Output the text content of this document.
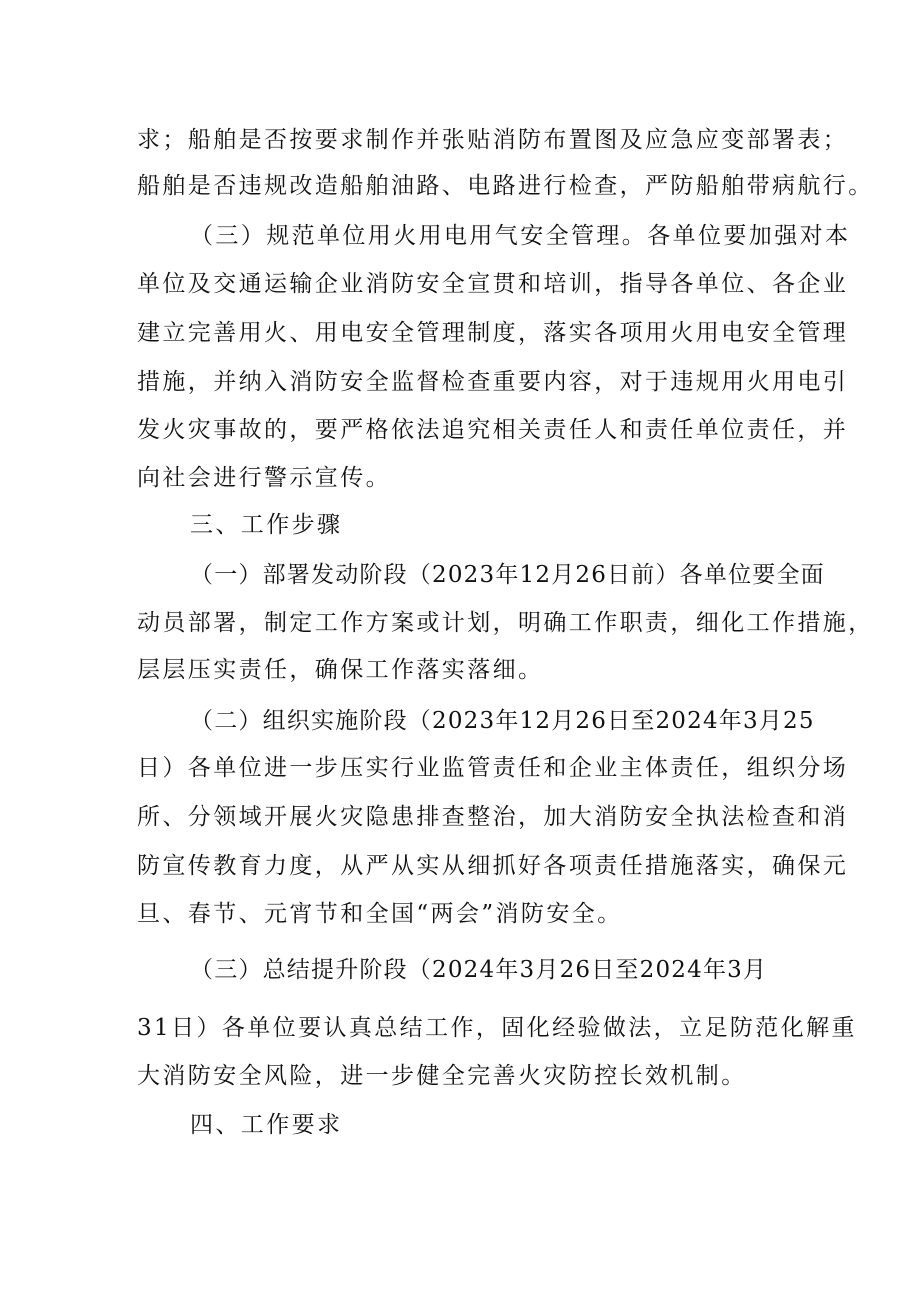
求；船舶是否按要求制作并张贴消防布置图及应急应变部署表；
船舶是否违规改造船舶油路、电路进行检查，严防船舶带病航行。
（三）规范单位用火用电用气安全管理。各单位要加强对本
单位及交通运输企业消防安全宣贯和培训，指导各单位、各企业
建立完善用火、用电安全管理制度，落实各项用火用电安全管理
措施，并纳入消防安全监督检查重要内容，对于违规用火用电引
发火灾事故的，要严格依法追究相关责任人和责任单位责任，并
向社会进行警示宣传。
三、工作步骤
（一）部署发动阶段（2023年12月26日前）各单位要全面
动员部署，制定工作方案或计划，明确工作职责，细化工作措施，
层层压实责任，确保工作落实落细。
（二）组织实施阶段（2023年12月26日至2024年3月25
日）各单位进一步压实行业监管责任和企业主体责任，组织分场
所、分领域开展火灾隐患排查整治，加大消防安全执法检查和消
防宣传教育力度，从严从实从细抓好各项责任措施落实，确保元
旦、春节、元宵节和全国“两会”消防安全。
（三）总结提升阶段（2024年3月26日至2024年3月
31日）各单位要认真总结工作，固化经验做法，立足防范化解重
大消防安全风险，进一步健全完善火灾防控长效机制。
四、工作要求
